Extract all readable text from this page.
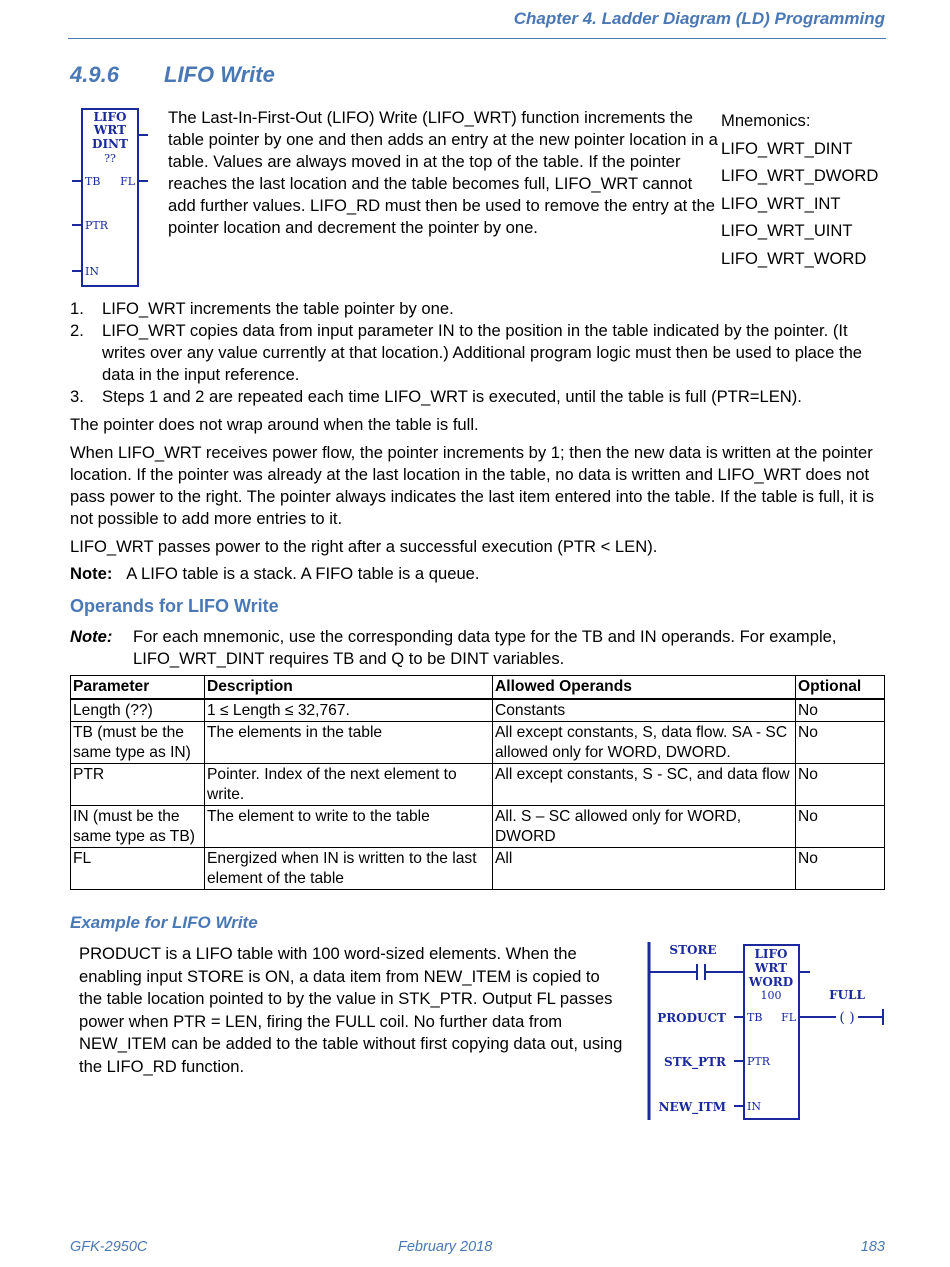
Chapter 4. Ladder Diagram (LD) Programming
4.9.6 LIFO Write
LIFO
WRT
DINT
??
TB FL
PTR
IN
The Last-In-First-Out (LIFO) Write (LIFO_WRT) function increments the table pointer by one and then adds an entry at the new pointer location in a table. Values are always moved in at the top of the table. If the pointer reaches the last location and the table becomes full, LIFO_WRT cannot add further values. LIFO_RD must then be used to remove the entry at the pointer location and decrement the pointer by one.
Mnemonics:
LIFO_WRT_DINT
LIFO_WRT_DWORD
LIFO_WRT_INT
LIFO_WRT_UINT
LIFO_WRT_WORD
1.	LIFO_WRT increments the table pointer by one.
2.	LIFO_WRT copies data from input parameter IN to the position in the table indicated by the pointer. (It writes over any value currently at that location.) Additional program logic must then be used to place the data in the input reference.
3.	Steps 1 and 2 are repeated each time LIFO_WRT is executed, until the table is full (PTR=LEN).
The pointer does not wrap around when the table is full.
When LIFO_WRT receives power flow, the pointer increments by 1; then the new data is written at the pointer location. If the pointer was already at the last location in the table, no data is written and LIFO_WRT does not pass power to the right. The pointer always indicates the last item entered into the table. If the table is full, it is not possible to add more entries to it.
LIFO_WRT passes power to the right after a successful execution (PTR < LEN).
Note: A LIFO table is a stack. A FIFO table is a queue.
Operands for LIFO Write
Note:	For each mnemonic, use the corresponding data type for the TB and IN operands. For example, LIFO_WRT_DINT requires TB and Q to be DINT variables.
Parameter	Description	Allowed Operands	Optional
Length (??)	1 ≤ Length ≤ 32,767.	Constants	No
TB (must be the same type as IN)	The elements in the table	All except constants, S, data flow. SA - SC allowed only for WORD, DWORD.	No
PTR	Pointer. Index of the next element to write.	All except constants, S - SC, and data flow	No
IN (must be the same type as TB)	The element to write to the table	All. S – SC allowed only for WORD, DWORD	No
FL	Energized when IN is written to the last element of the table	All	No
Example for LIFO Write
PRODUCT is a LIFO table with 100 word-sized elements. When the enabling input STORE is ON, a data item from NEW_ITEM is copied to the table location pointed to by the value in STK_PTR. Output FL passes power when PTR = LEN, firing the FULL coil. No further data from NEW_ITEM can be added to the table without first copying data out, using the LIFO_RD function.
STORE	LIFO
WRT
WORD
100
TB FL
PTR
IN
PRODUCT
STK_PTR
NEW_ITM
FULL
( )
GFK-2950C	February 2018	183
